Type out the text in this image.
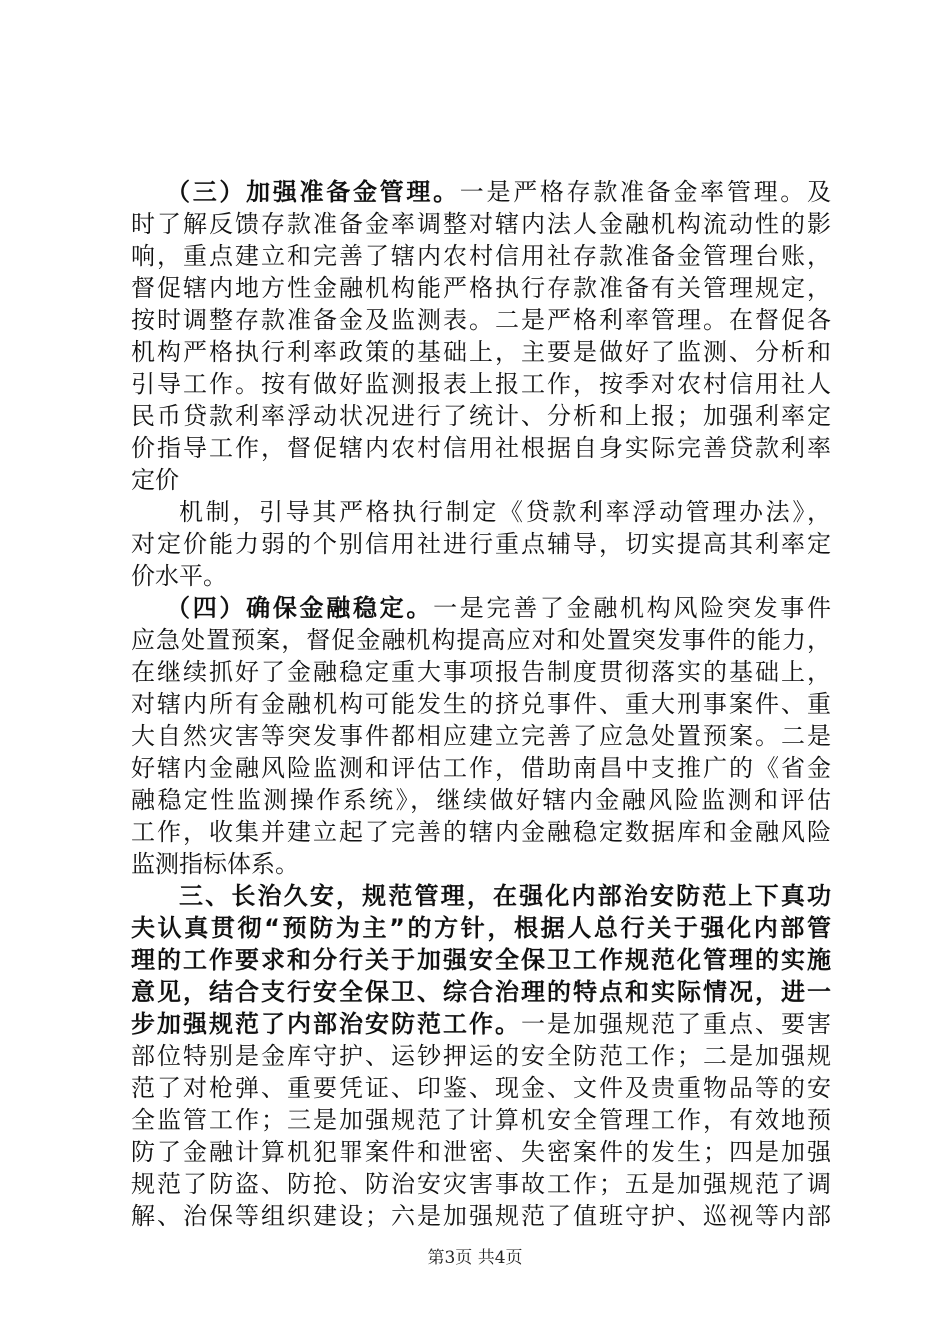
（三）加强准备金管理。一是严格存款准备金率管理。及
时了解反馈存款准备金率调整对辖内法人金融机构流动性的影
响，重点建立和完善了辖内农村信用社存款准备金管理台账，
督促辖内地方性金融机构能严格执行存款准备有关管理规定，
按时调整存款准备金及监测表。二是严格利率管理。在督促各
机构严格执行利率政策的基础上，主要是做好了监测、分析和
引导工作。按有做好监测报表上报工作，按季对农村信用社人
民币贷款利率浮动状况进行了统计、分析和上报；加强利率定
价指导工作，督促辖内农村信用社根据自身实际完善贷款利率
定价
机制，引导其严格执行制定《贷款利率浮动管理办法》，
对定价能力弱的个别信用社进行重点辅导，切实提高其利率定
价水平。
（四）确保金融稳定。一是完善了金融机构风险突发事件
应急处置预案，督促金融机构提高应对和处置突发事件的能力，
在继续抓好了金融稳定重大事项报告制度贯彻落实的基础上，
对辖内所有金融机构可能发生的挤兑事件、重大刑事案件、重
大自然灾害等突发事件都相应建立完善了应急处置预案。二是
好辖内金融风险监测和评估工作，借助南昌中支推广的《省金
融稳定性监测操作系统》，继续做好辖内金融风险监测和评估
工作，收集并建立起了完善的辖内金融稳定数据库和金融风险
监测指标体系。
三、长治久安，规范管理，在强化内部治安防范上下真功
夫认真贯彻“预防为主”的方针，根据人总行关于强化内部管
理的工作要求和分行关于加强安全保卫工作规范化管理的实施
意见，结合支行安全保卫、综合治理的特点和实际情况，进一
步加强规范了内部治安防范工作。一是加强规范了重点、要害
部位特别是金库守护、运钞押运的安全防范工作；二是加强规
范了对枪弹、重要凭证、印鉴、现金、文件及贵重物品等的安
全监管工作；三是加强规范了计算机安全管理工作，有效地预
防了金融计算机犯罪案件和泄密、失密案件的发生；四是加强
规范了防盗、防抢、防治安灾害事故工作；五是加强规范了调
解、治保等组织建设；六是加强规范了值班守护、巡视等内部
第3页 共4页
